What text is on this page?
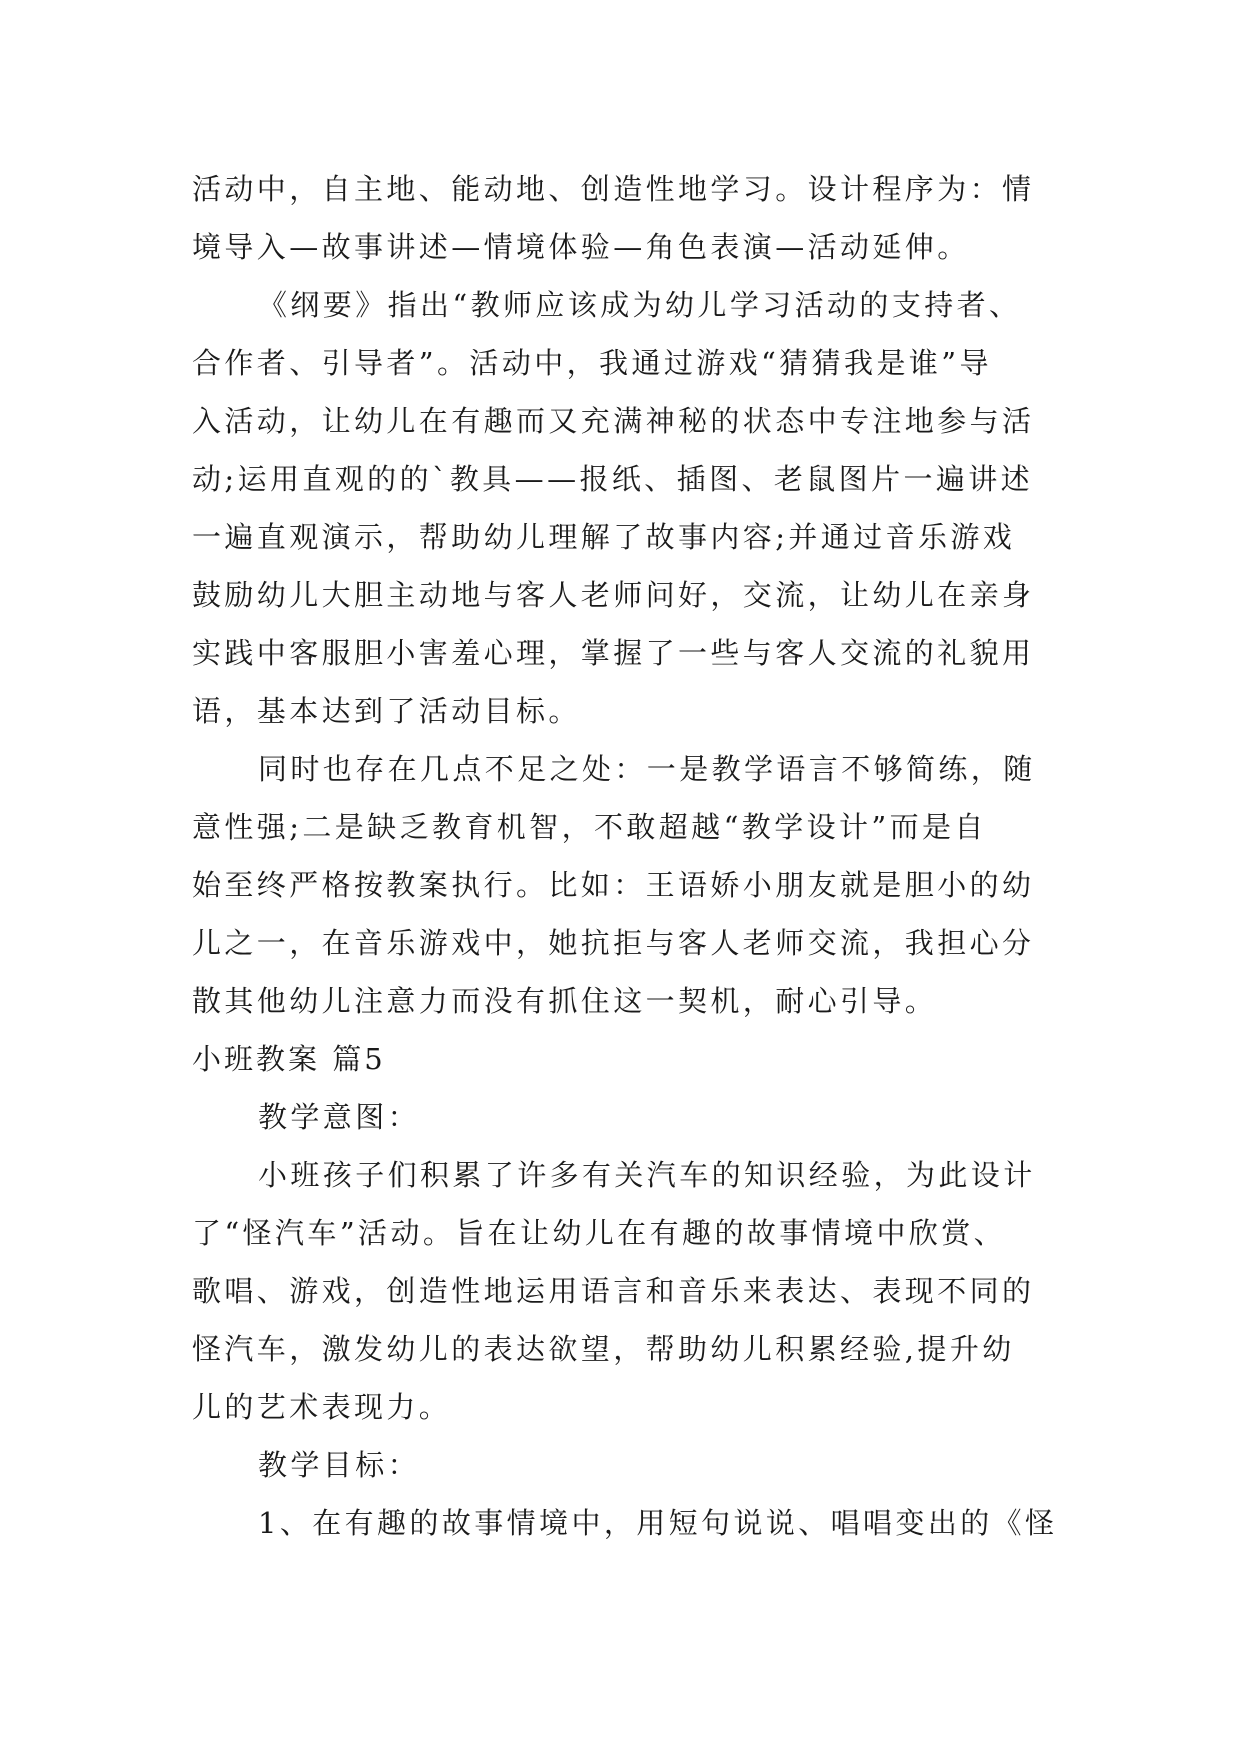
活动中，自主地、能动地、创造性地学习。设计程序为：情
境导入—故事讲述—情境体验—角色表演—活动延伸。
《纲要》指出“教师应该成为幼儿学习活动的支持者、
合作者、引导者”。活动中，我通过游戏“猜猜我是谁”导
入活动，让幼儿在有趣而又充满神秘的状态中专注地参与活
动;运用直观的的`教具——报纸、插图、老鼠图片一遍讲述
一遍直观演示，帮助幼儿理解了故事内容;并通过音乐游戏
鼓励幼儿大胆主动地与客人老师问好，交流，让幼儿在亲身
实践中客服胆小害羞心理，掌握了一些与客人交流的礼貌用
语，基本达到了活动目标。
同时也存在几点不足之处：一是教学语言不够简练，随
意性强;二是缺乏教育机智，不敢超越“教学设计”而是自
始至终严格按教案执行。比如：王语娇小朋友就是胆小的幼
儿之一，在音乐游戏中，她抗拒与客人老师交流，我担心分
散其他幼儿注意力而没有抓住这一契机，耐心引导。
小班教案 篇5
教学意图：
小班孩子们积累了许多有关汽车的知识经验，为此设计
了“怪汽车”活动。旨在让幼儿在有趣的故事情境中欣赏、
歌唱、游戏，创造性地运用语言和音乐来表达、表现不同的
怪汽车，激发幼儿的表达欲望，帮助幼儿积累经验,提升幼
儿的艺术表现力。
教学目标：
1、在有趣的故事情境中，用短句说说、唱唱变出的《怪
